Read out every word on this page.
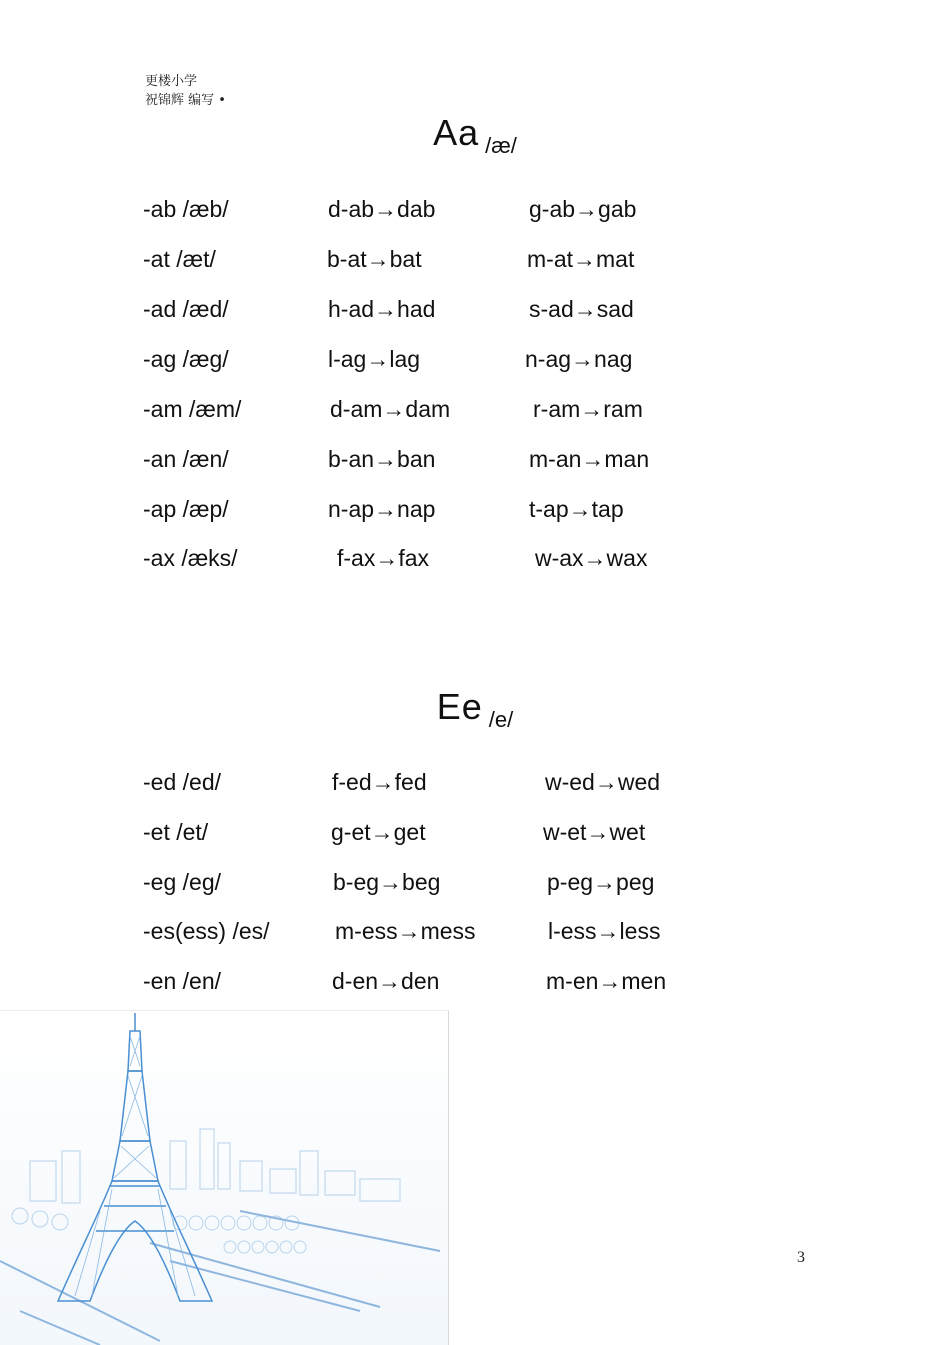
更楼小学
祝锦辉 编写 •
Aa /æ/
-ab /æb/	d-ab→dab	g-ab→gab
-at /æt/	b-at→bat	m-at→mat
-ad /æd/	h-ad→had	s-ad→sad
-ag /æg/	l-ag→lag	n-ag→nag
-am /æm/	d-am→dam	r-am→ram
-an /æn/	b-an→ban	m-an→man
-ap /æp/	n-ap→nap	t-ap→tap
-ax /æks/	f-ax→fax	w-ax→wax
Ee /e/
-ed /ed/	f-ed→fed	w-ed→wed
-et /et/	g-et→get	w-et→wet
-eg /eg/	b-eg→beg	p-eg→peg
-es(ess) /es/	m-ess→mess	l-ess→less
-en /en/	d-en→den	m-en→men
3
